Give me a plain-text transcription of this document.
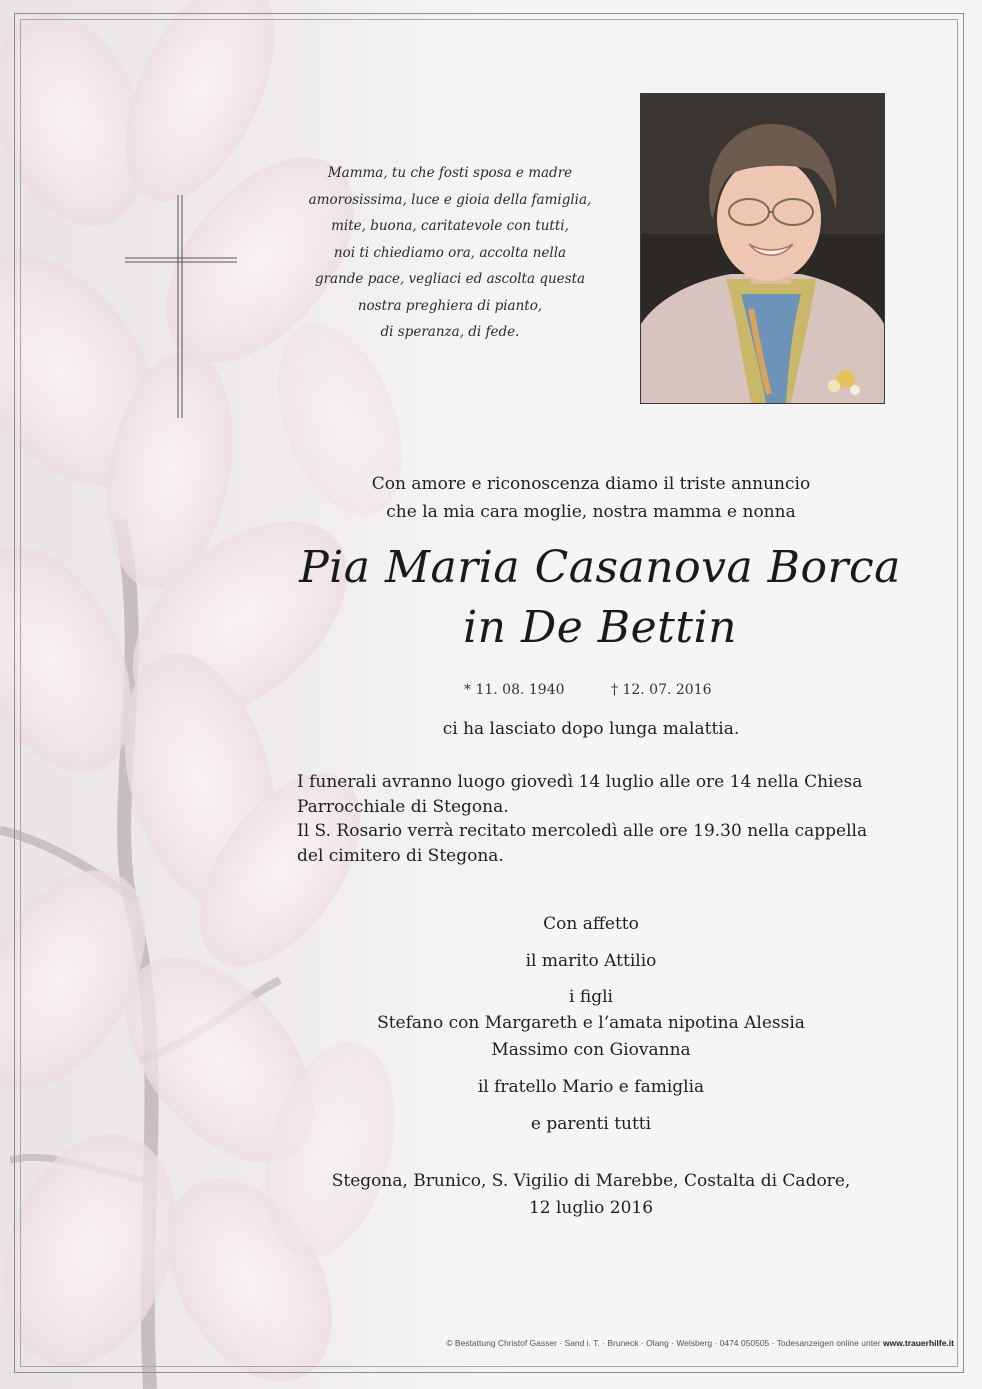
Mamma, tu che fosti sposa e madre
amorosissima, luce e gioia della famiglia,
mite, buona, caritatevole con tutti,
noi ti chiediamo ora, accolta nella
grande pace, vegliaci ed ascolta questa
nostra preghiera di pianto,
di speranza, di fede.
Con amore e riconoscenza diamo il triste annuncio
che la mia cara moglie, nostra mamma e nonna
Pia Maria Casanova Borca
in De Bettin
* 11. 08. 1940	† 12. 07. 2016
ci ha lasciato dopo lunga malattia.
I funerali avranno luogo giovedì 14 luglio alle ore 14 nella Chiesa
Parrocchiale di Stegona.
Il S. Rosario verrà recitato mercoledì alle ore 19.30 nella cappella
del cimitero di Stegona.
Con affetto
il marito Attilio
i figli
Stefano con Margareth e l‘amata nipotina Alessia
Massimo con Giovanna
il fratello Mario e famiglia
e parenti tutti
Stegona, Brunico, S. Vigilio di Marebbe, Costalta di Cadore,
12 luglio 2016
© Bestattung Christof Gasser · Sand i. T. · Bruneck · Olang · Welsberg · 0474 050505 · Todesanzeigen online unter www.trauerhilfe.it
